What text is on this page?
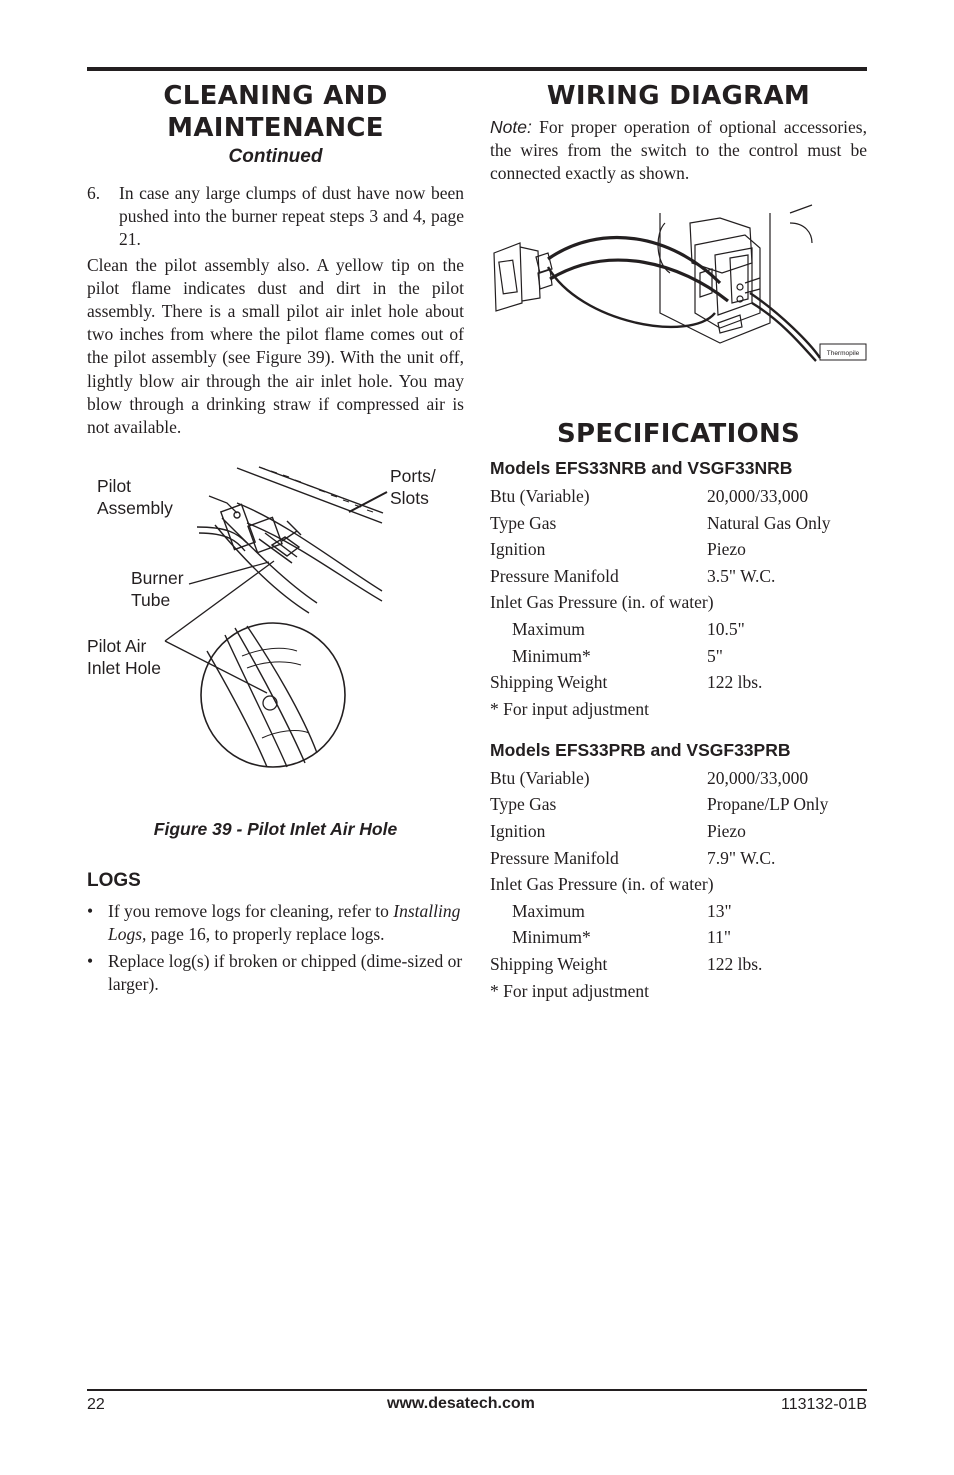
CLEANING AND
MAINTENANCE
Continued
6.	In case any large clumps of dust have now been pushed into the burner repeat steps 3 and 4, page 21.
Clean the pilot assembly also. A yellow tip on the pilot flame indicates dust and dirt in the pilot assembly. There is a small pilot air inlet hole about two inches from where the pilot flame comes out of the pilot assembly (see Figure 39). With the unit off, lightly blow air through the air inlet hole. You may blow through a drinking straw if compressed air is not available.
Pilot
Assembly
Ports/
Slots
Burner
Tube
Pilot Air
Inlet Hole
Figure 39 - Pilot Inlet Air Hole
LOGS
• If you remove logs for cleaning, refer to Installing Logs, page 16, to properly replace logs.
• Replace log(s) if broken or chipped (dime-sized or larger).
WIRING DIAGRAM
Note: For proper operation of optional accessories, the wires from the switch to the control must be connected exactly as shown.
Thermopile
SPECIFICATIONS
Models EFS33NRB and VSGF33NRB
Btu (Variable)	20,000/33,000
Type Gas	Natural Gas Only
Ignition	Piezo
Pressure Manifold	3.5" W.C.
Inlet Gas Pressure (in. of water)
Maximum	10.5"
Minimum*	5"
Shipping Weight	122 lbs.
* For input adjustment
Models EFS33PRB and VSGF33PRB
Btu (Variable)	20,000/33,000
Type Gas	Propane/LP Only
Ignition	Piezo
Pressure Manifold	7.9" W.C.
Inlet Gas Pressure (in. of water)
Maximum	13"
Minimum*	11"
Shipping Weight	122 lbs.
* For input adjustment
22	www.desatech.com	113132-01B
